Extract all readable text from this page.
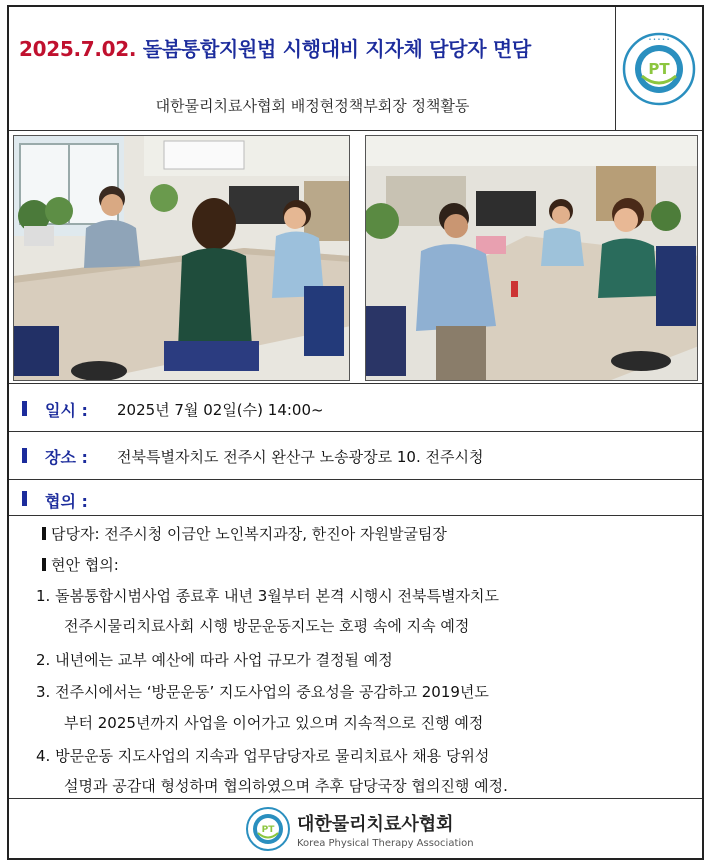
2025.7.02. 돌봄통합지원법 시행대비 지자체 담당자 면담
대한물리치료사협회 배정현정책부회장 정책활동
PT
• • • • •
일시 : 2025년 7월 02일(수) 14:00~
장소 : 전북특별자치도 전주시 완산구 노송광장로 10. 전주시청
협의 :
담당자: 전주시청 이금안 노인복지과장, 한진아 자원발굴팀장
현안 협의:
1. 돌봄통합시범사업 종료후 내년 3월부터 본격 시행시 전북특별자치도
전주시물리치료사회 시행 방문운동지도는 호평 속에 지속 예정
2. 내년에는 교부 예산에 따라 사업 규모가 결정될 예정
3. 전주시에서는 ‘방문운동’ 지도사업의 중요성을 공감하고 2019년도
부터 2025년까지 사업을 이어가고 있으며 지속적으로 진행 예정
4. 방문운동 지도사업의 지속과 업무담당자로 물리치료사 채용 당위성
설명과 공감대 형성하며 협의하였으며 추후 담당국장 협의진행 예정.
PT 대한물리치료사협회
Korea Physical Therapy Association
